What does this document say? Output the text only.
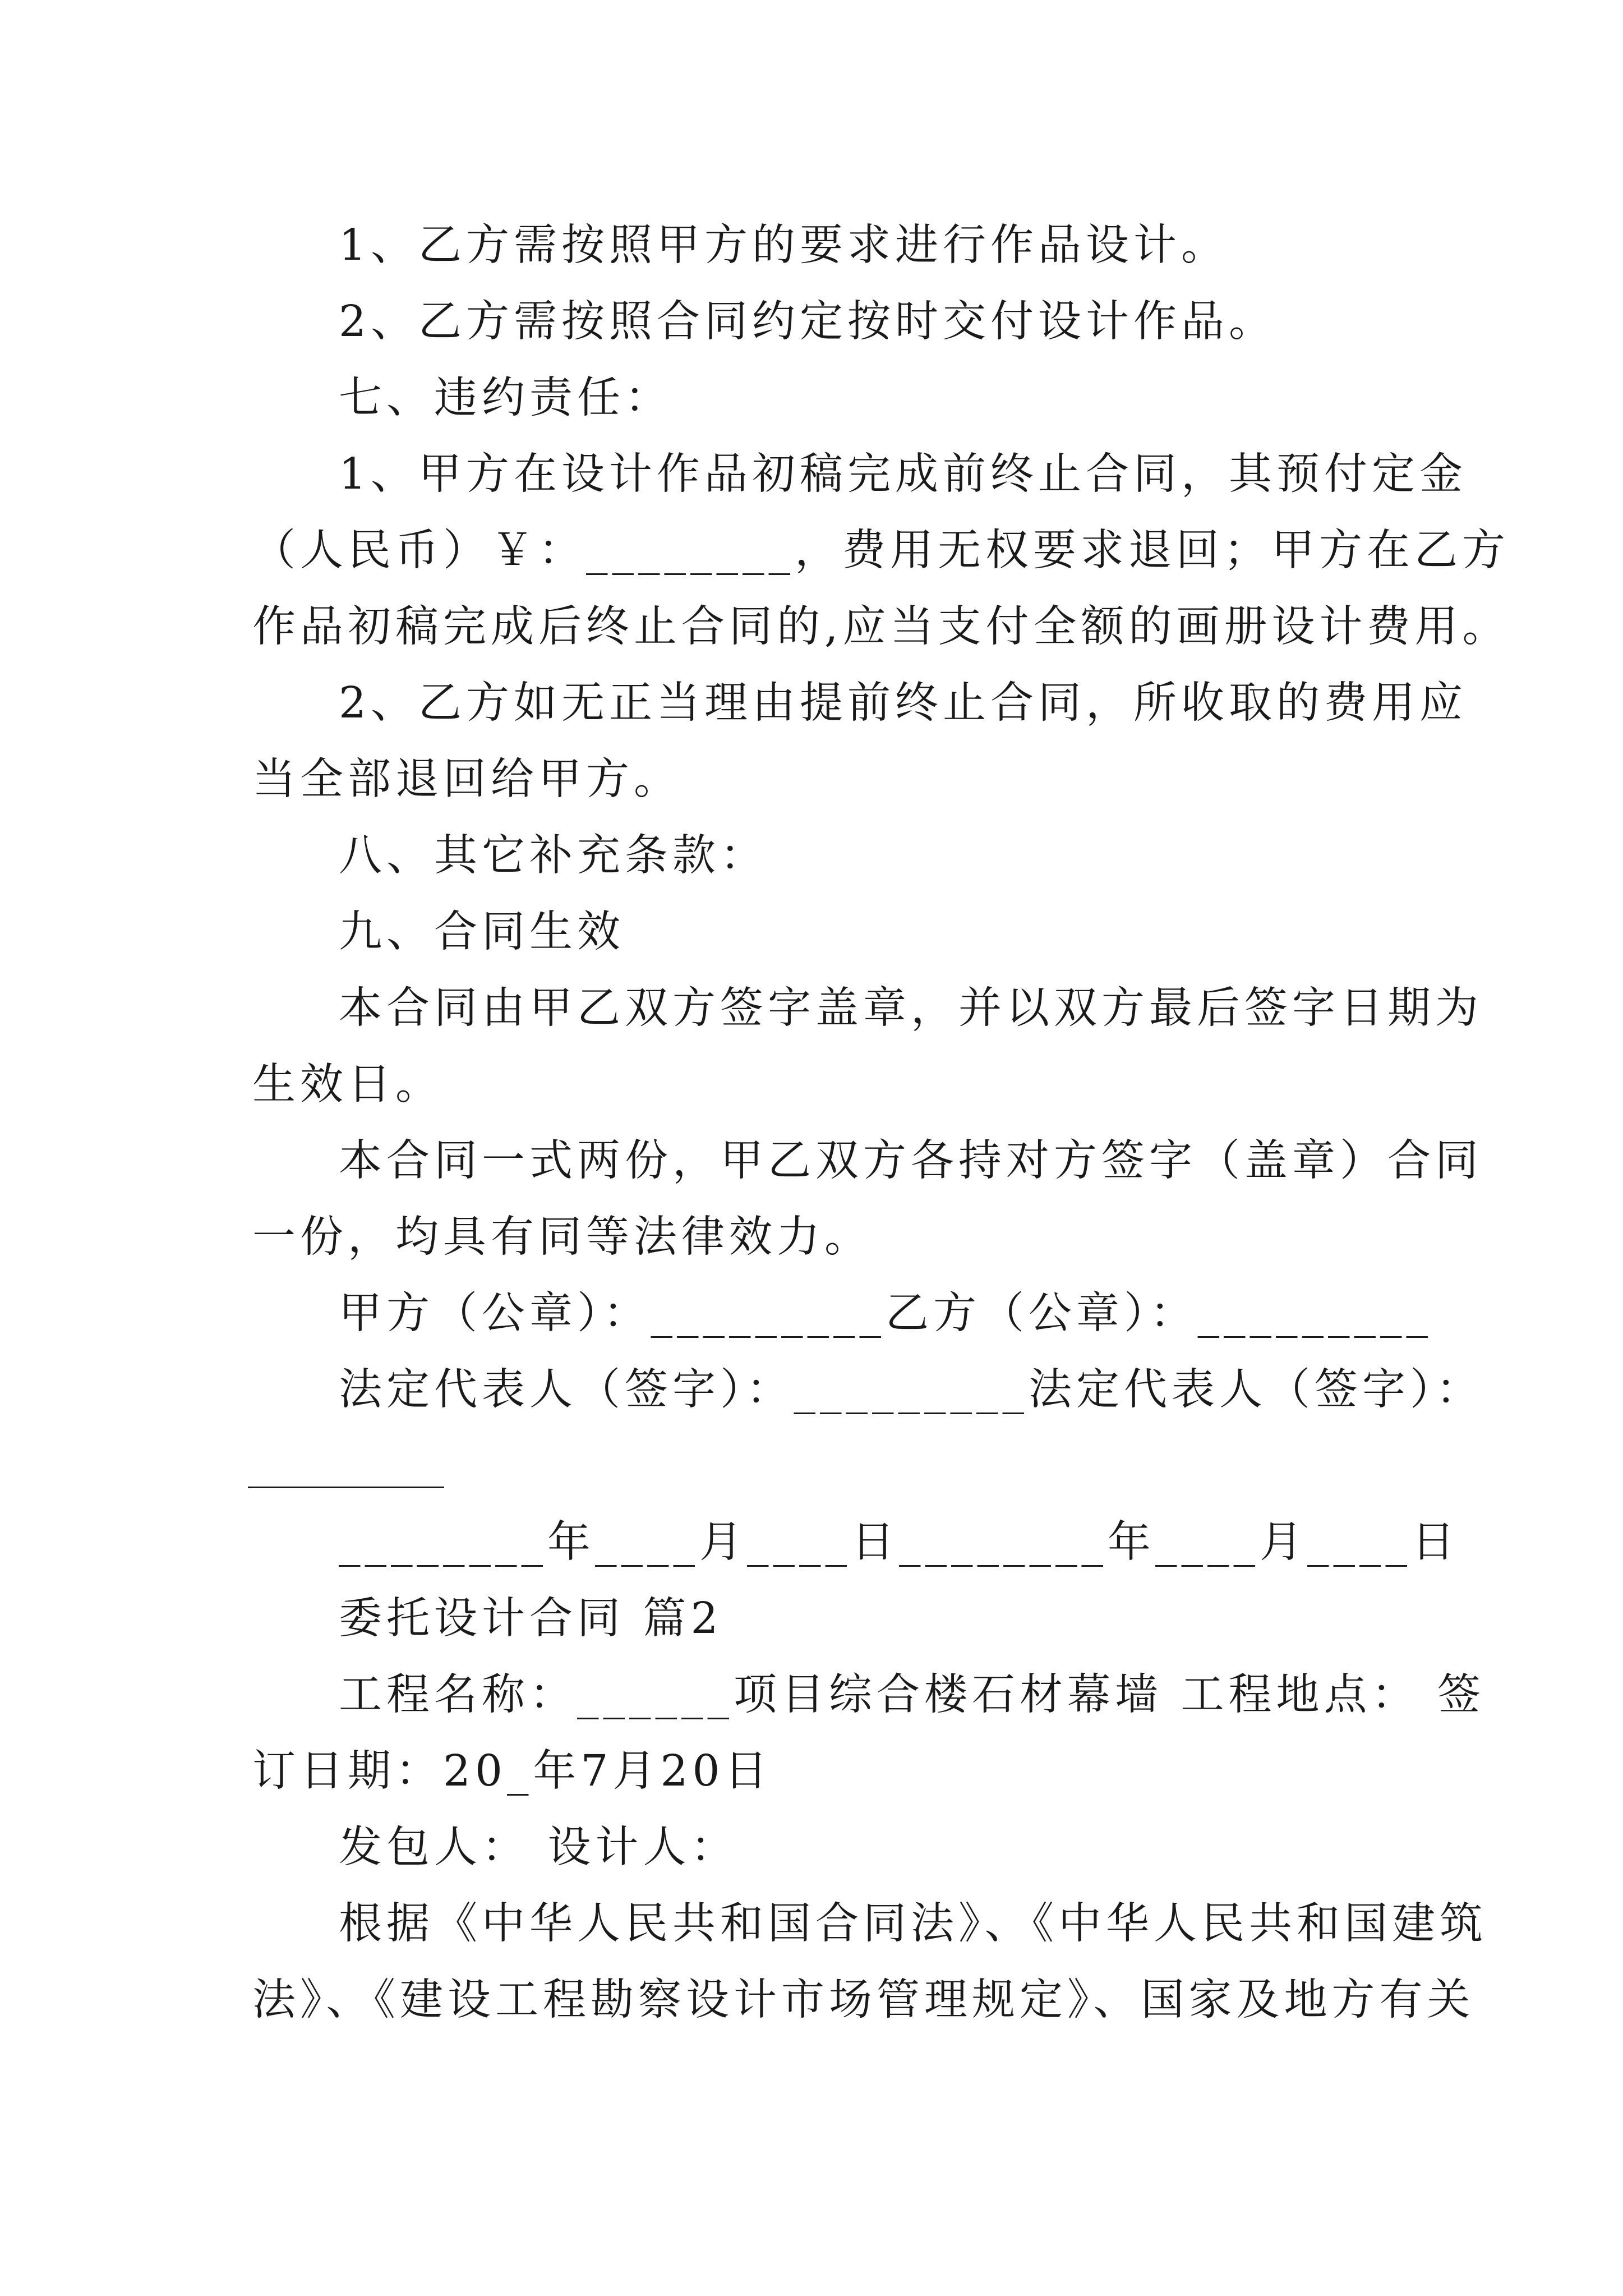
1、乙方需按照甲方的要求进行作品设计。
2、乙方需按照合同约定按时交付设计作品。
七、违约责任：
1、甲方在设计作品初稿完成前终止合同，其预付定金
（人民币）￥：________，费用无权要求退回；甲方在乙方
作品初稿完成后终止合同的,应当支付全额的画册设计费用。
2、乙方如无正当理由提前终止合同，所收取的费用应
当全部退回给甲方。
八、其它补充条款：
九、合同生效
本合同由甲乙双方签字盖章，并以双方最后签字日期为
生效日。
本合同一式两份，甲乙双方各持对方签字（盖章）合同
一份，均具有同等法律效力。
甲方（公章）：_________乙方（公章）：_________
法定代表人（签字）：_________法定代表人（签字）：
________年____月____日________年____月____日
委托设计合同 篇2
工程名称：______项目综合楼石材幕墙 工程地点： 签
订日期：20_年7月20日
发包人： 设计人：
根据《中华人民共和国合同法》、《中华人民共和国建筑
法》、《建设工程勘察设计市场管理规定》、国家及地方有关
